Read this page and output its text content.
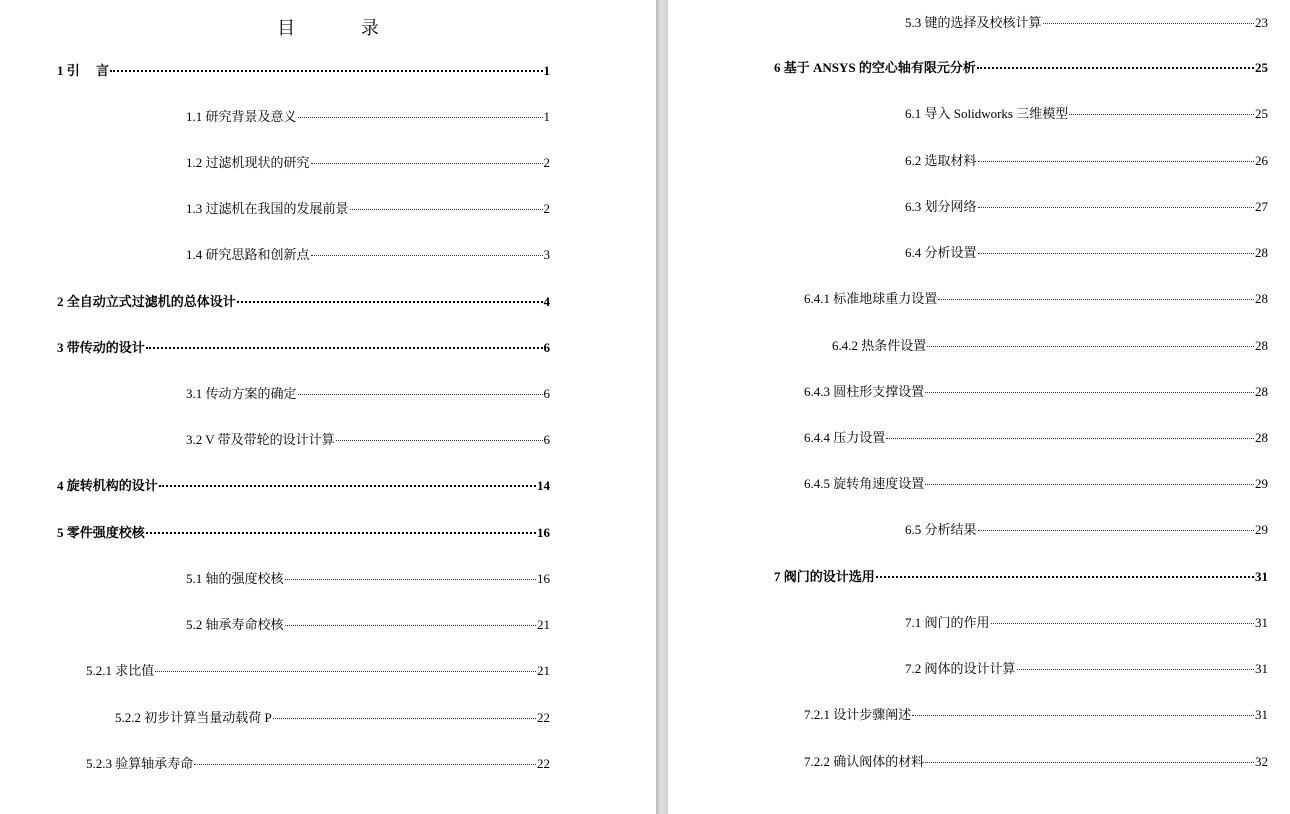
目 录
1 引　 言	1
1.1 研究背景及意义	1
1.2 过滤机现状的研究	2
1.3 过滤机在我国的发展前景	2
1.4 研究思路和创新点	3
2 全自动立式过滤机的总体设计	4
3 带传动的设计	6
3.1 传动方案的确定	6
3.2 V 带及带轮的设计计算	6
4 旋转机构的设计	14
5 零件强度校核	16
5.1 轴的强度校核	16
5.2 轴承寿命校核	21
5.2.1 求比值	21
5.2.2 初步计算当量动载荷 P	22
5.2.3 验算轴承寿命	22
5.3 键的选择及校核计算	23
6 基于 ANSYS 的空心轴有限元分析	25
6.1 导入 Solidworks 三维模型	25
6.2 选取材料	26
6.3 划分网络	27
6.4 分析设置	28
6.4.1 标准地球重力设置	28
6.4.2 热条件设置	28
6.4.3 圆柱形支撑设置	28
6.4.4 压力设置	28
6.4.5 旋转角速度设置	29
6.5 分析结果	29
7 阀门的设计选用	31
7.1 阀门的作用	31
7.2 阀体的设计计算	31
7.2.1 设计步骤阐述	31
7.2.2 确认阀体的材料	32
